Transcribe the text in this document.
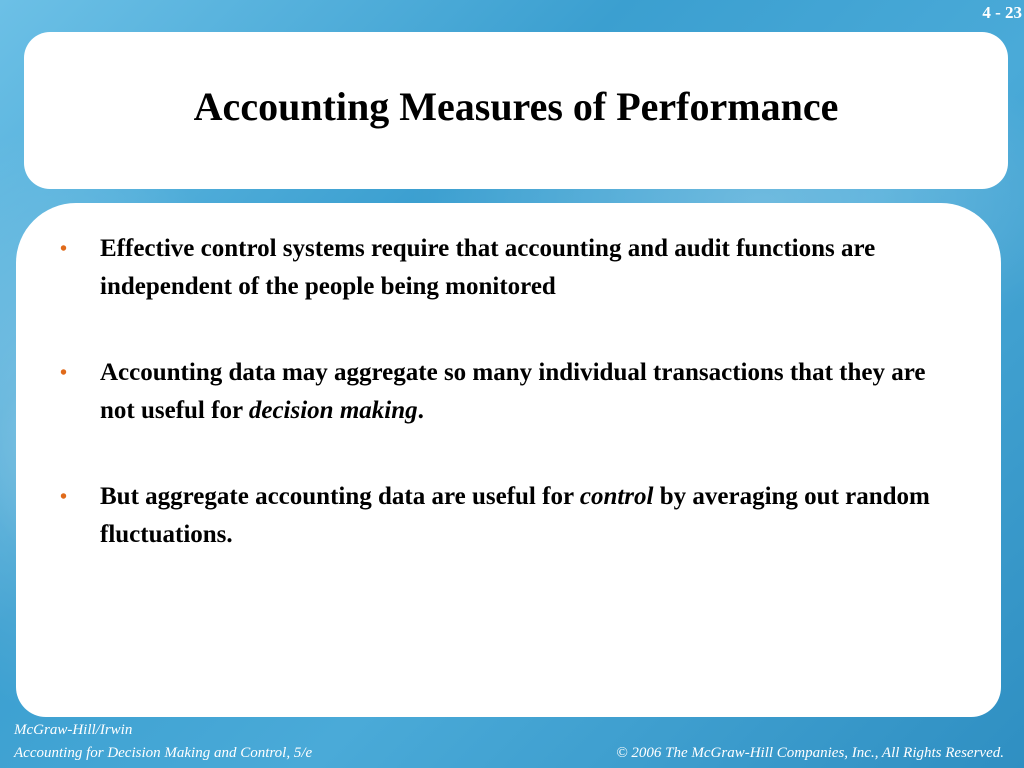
4 - 23
Accounting Measures of Performance
• Effective control systems require that accounting and audit functions are independent of the people being monitored
• Accounting data may aggregate so many individual transactions that they are not useful for decision making.
• But aggregate accounting data are useful for control by averaging out random fluctuations.
McGraw-Hill/Irwin
Accounting for Decision Making and Control, 5/e	© 2006 The McGraw-Hill Companies, Inc., All Rights Reserved.
